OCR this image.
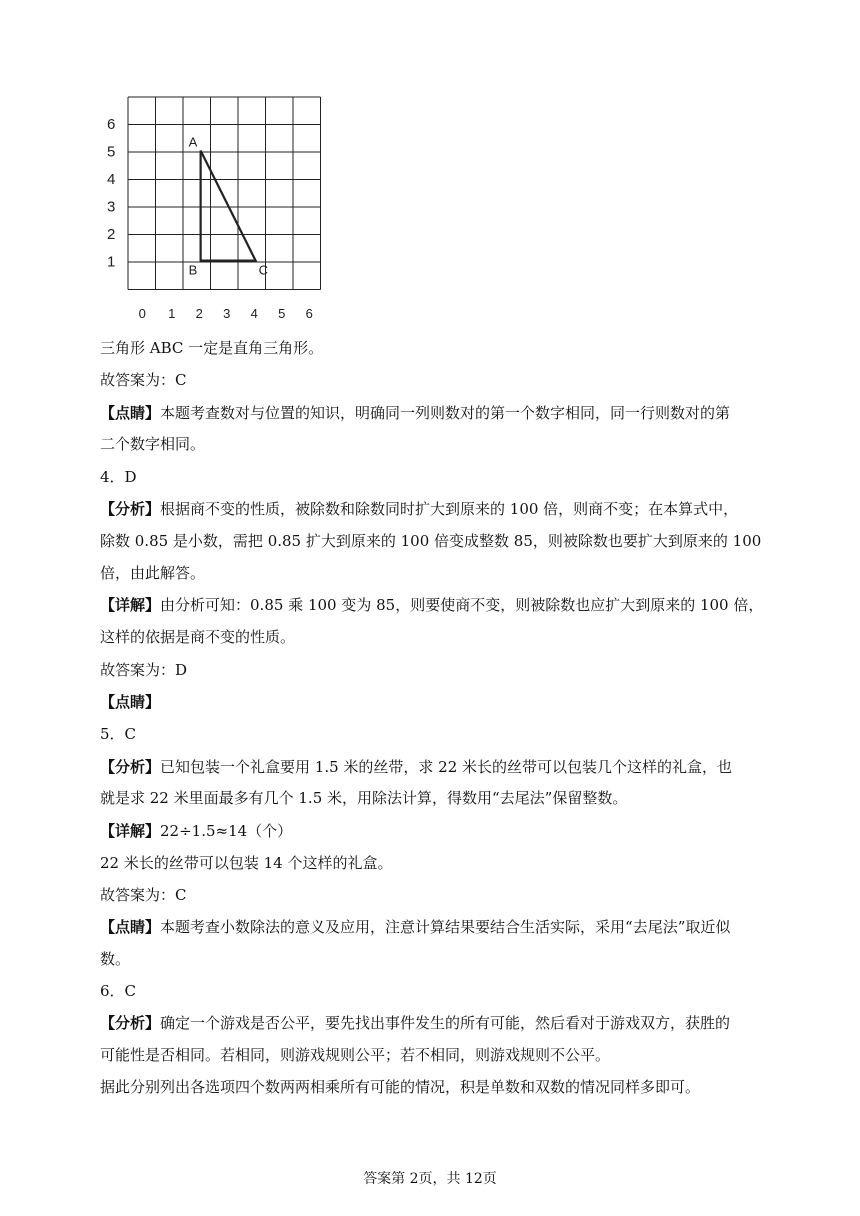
6
5
4
3
2
1
0 1 2 3 4 5 6
A
B	C
三角形 ABC 一定是直角三角形。
故答案为：C
【点睛】本题考查数对与位置的知识，明确同一列则数对的第一个数字相同，同一行则数对的第
二个数字相同。
4．D
【分析】根据商不变的性质，被除数和除数同时扩大到原来的 100 倍，则商不变；在本算式中，
除数 0.85 是小数，需把 0.85 扩大到原来的 100 倍变成整数 85，则被除数也要扩大到原来的 100
倍，由此解答。
【详解】由分析可知：0.85 乘 100 变为 85，则要使商不变，则被除数也应扩大到原来的 100 倍，
这样的依据是商不变的性质。
故答案为：D
【点睛】
5．C
【分析】已知包装一个礼盒要用 1.5 米的丝带，求 22 米长的丝带可以包装几个这样的礼盒，也
就是求 22 米里面最多有几个 1.5 米，用除法计算，得数用“去尾法”保留整数。
【详解】22÷1.5≈14（个）
22 米长的丝带可以包装 14 个这样的礼盒。
故答案为：C
【点睛】本题考查小数除法的意义及应用，注意计算结果要结合生活实际，采用“去尾法”取近似
数。
6．C
【分析】确定一个游戏是否公平，要先找出事件发生的所有可能，然后看对于游戏双方，获胜的
可能性是否相同。若相同，则游戏规则公平；若不相同，则游戏规则不公平。
据此分别列出各选项四个数两两相乘所有可能的情况，积是单数和双数的情况同样多即可。
答案第 2页，共 12页
